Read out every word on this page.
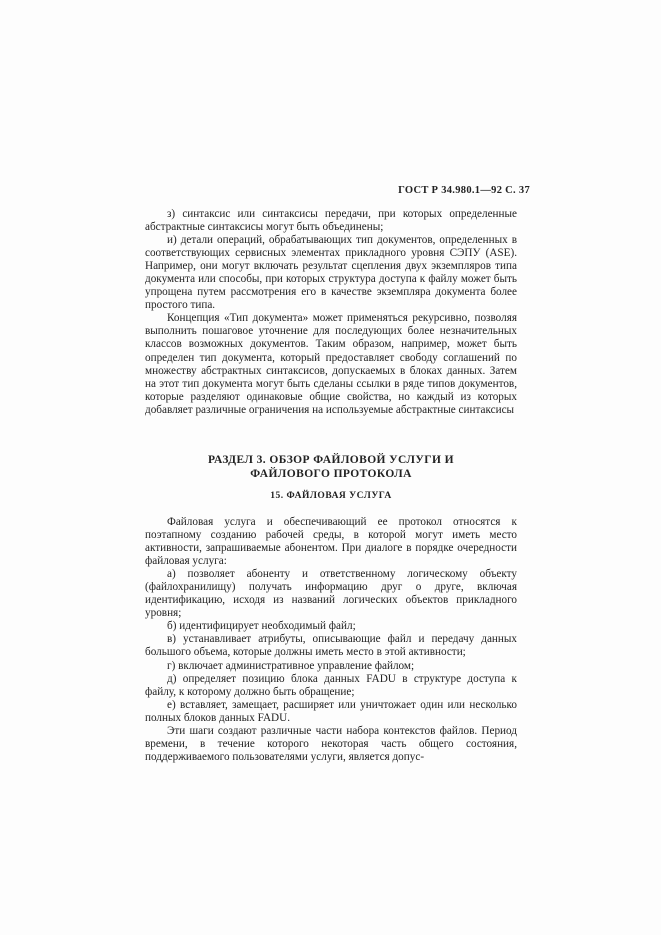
ГОСТ Р 34.980.1—92 С. 37

з) синтаксис или синтаксисы передачи, при которых определенные абстрактные синтаксисы могут быть объединены;

и) детали операций, обрабатывающих тип документов, определенных в соответствующих сервисных элементах прикладного уровня СЭПУ (ASE). Например, они могут включать результат сцепления двух экземпляров типа документа или способы, при которых структура доступа к файлу может быть упрощена путем рассмотрения его в качестве экземпляра документа более простого типа.

Концепция «Тип документа» может применяться рекурсивно, позволяя выполнить пошаговое уточнение для последующих более незначительных классов возможных документов. Таким образом, например, может быть определен тип документа, который предоставляет свободу соглашений по множеству абстрактных синтаксисов, допускаемых в блоках данных. Затем на этот тип документа могут быть сделаны ссылки в ряде типов документов, которые разделяют одинаковые общие свойства, но каждый из которых добавляет различные ограничения на используемые абстрактные синтаксисы

РАЗДЕЛ 3. ОБЗОР ФАЙЛОВОЙ УСЛУГИ И
ФАЙЛОВОГО ПРОТОКОЛА
15. ФАЙЛОВАЯ УСЛУГА

Файловая услуга и обеспечивающий ее протокол относятся к поэтапному созданию рабочей среды, в которой могут иметь место активности, запрашиваемые абонентом. При диалоге в порядке очередности файловая услуга:

а) позволяет абоненту и ответственному логическому объекту (файлохранилищу) получать информацию друг о друге, включая идентификацию, исходя из названий логических объектов прикладного уровня;

б) идентифицирует необходимый файл;

в) устанавливает атрибуты, описывающие файл и передачу данных большого объема, которые должны иметь место в этой активности;

г) включает административное управление файлом;

д) определяет позицию блока данных FADU в структуре доступа к файлу, к которому должно быть обращение;

е) вставляет, замещает, расширяет или уничтожает один или несколько полных блоков данных FADU.

Эти шаги создают различные части набора контекстов файлов. Период времени, в течение которого некоторая часть общего состояния, поддерживаемого пользователями услуги, является допус-
